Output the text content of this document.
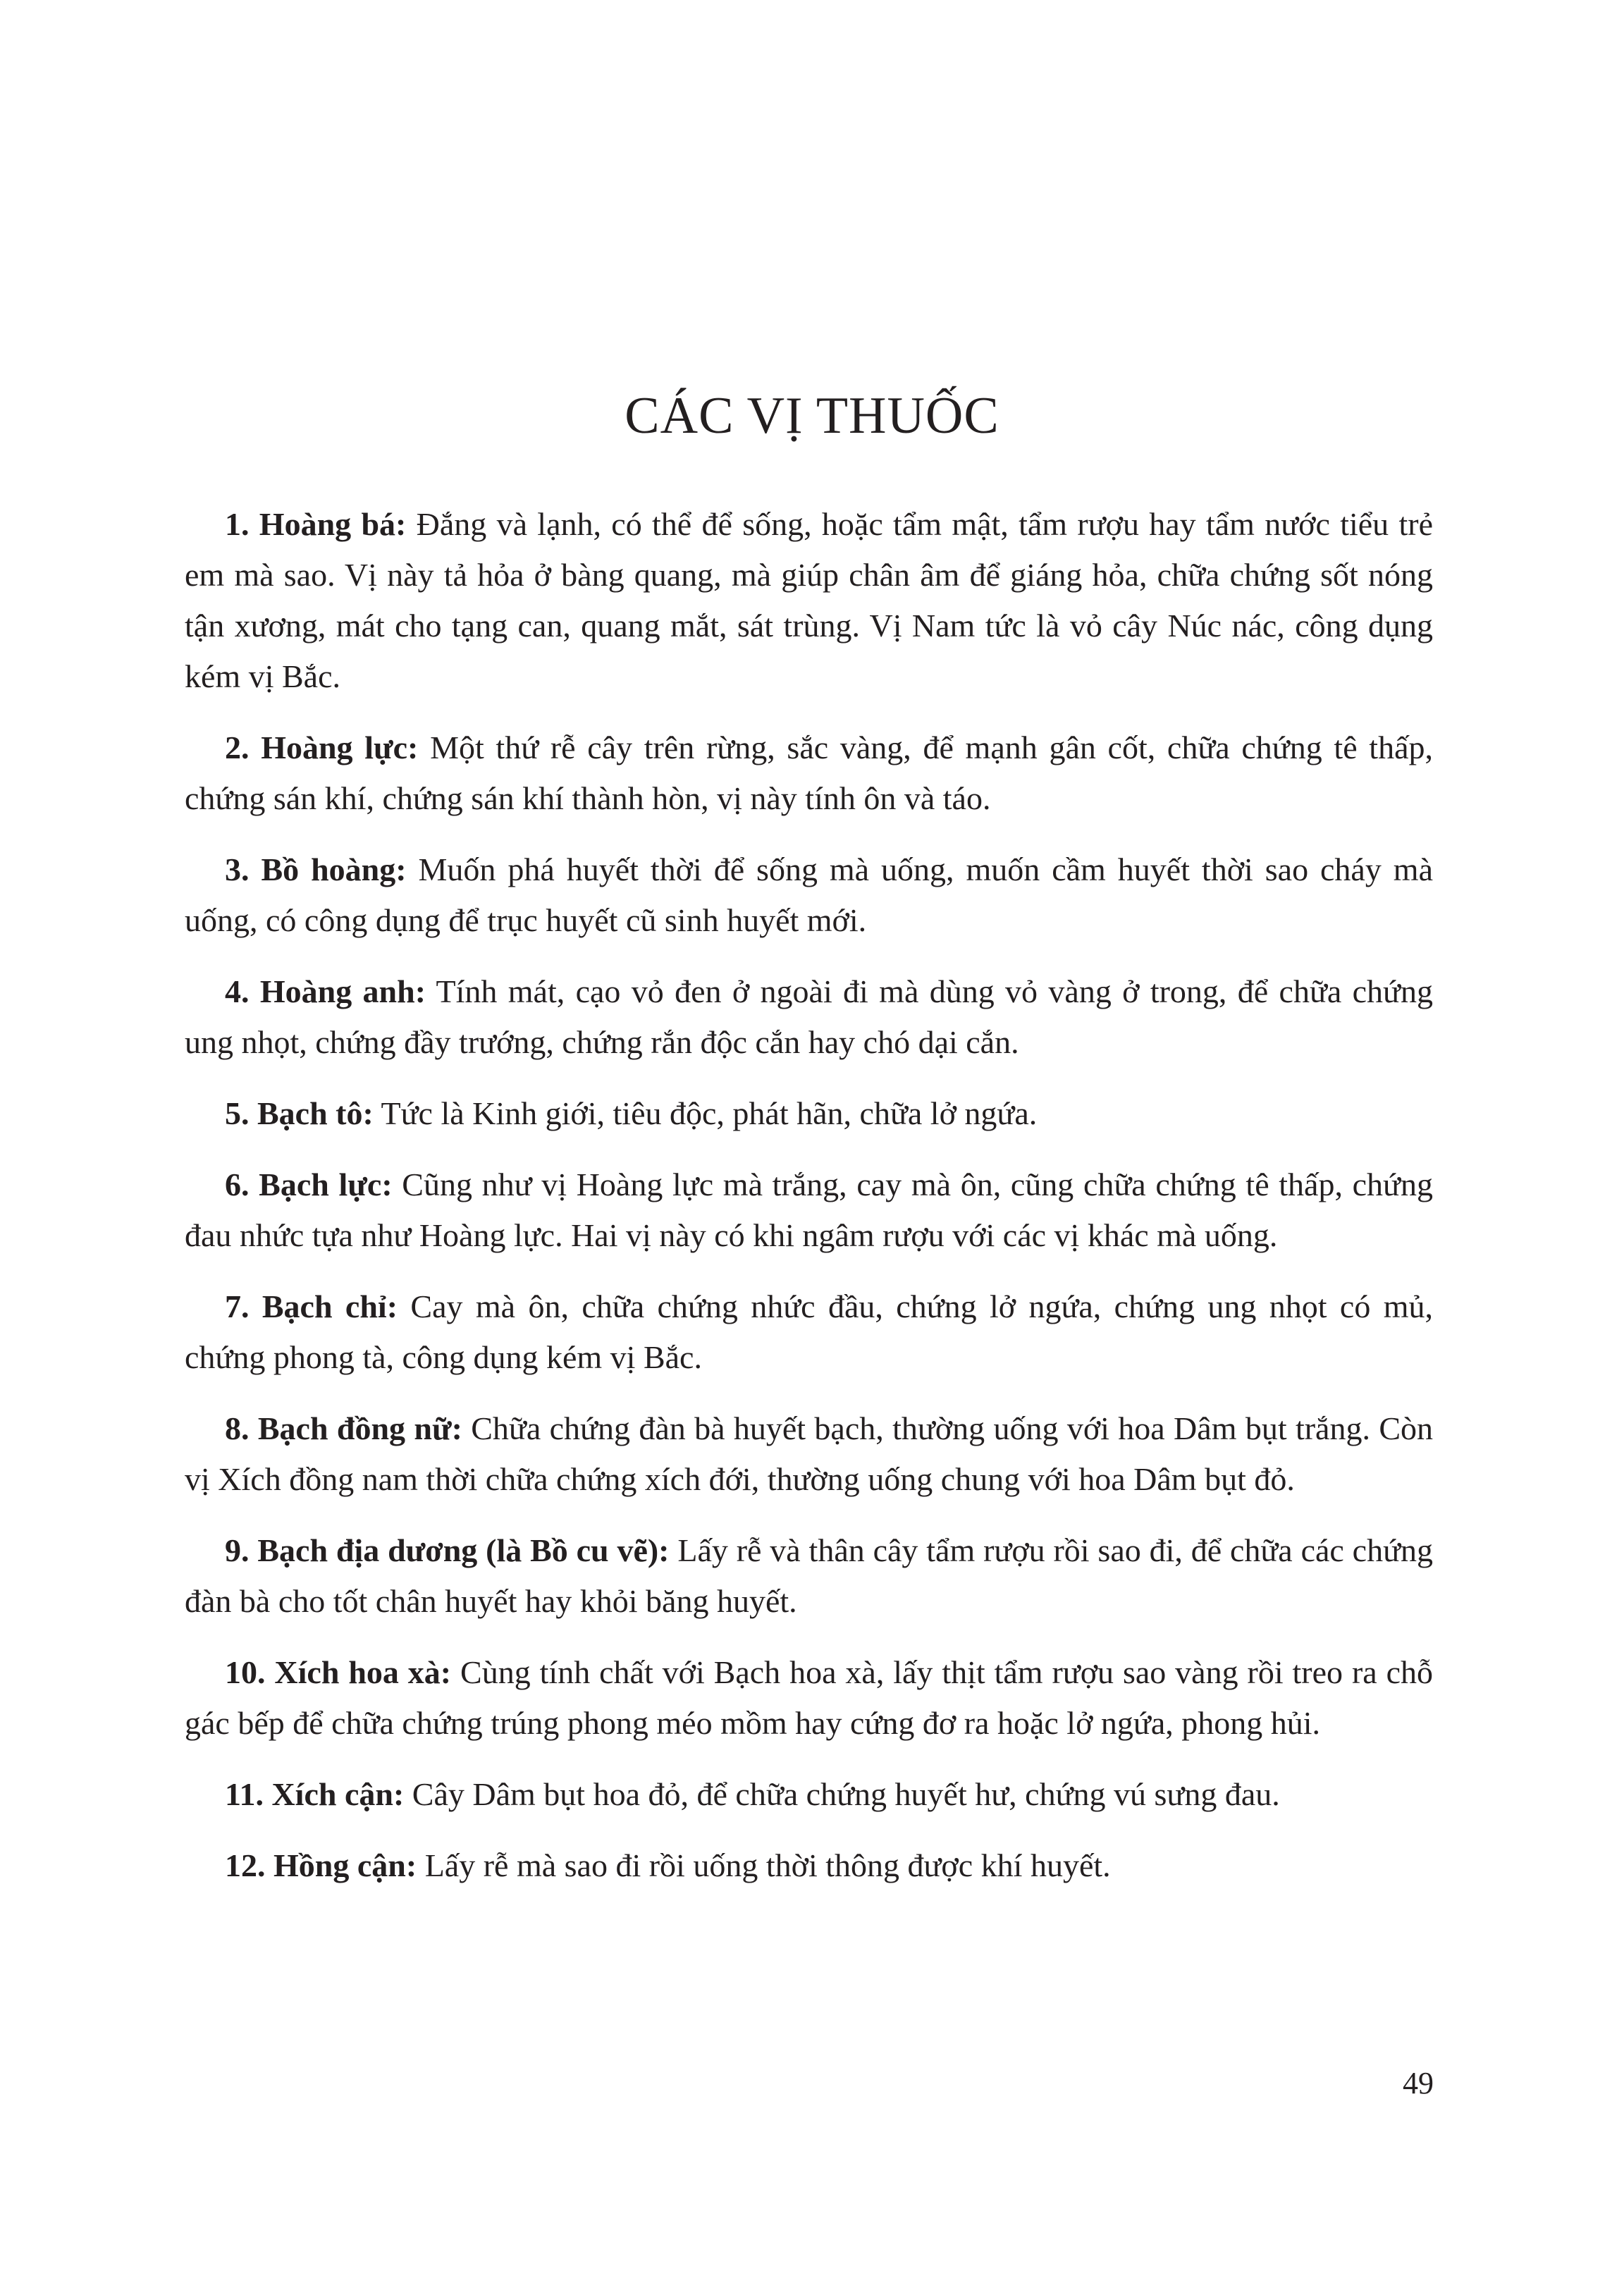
CÁC VỊ THUỐC

1. Hoàng bá: Đắng và lạnh, có thể để sống, hoặc tẩm mật, tẩm rượu hay tẩm nước tiểu trẻ em mà sao. Vị này tả hỏa ở bàng quang, mà giúp chân âm để giáng hỏa, chữa chứng sốt nóng tận xương, mát cho tạng can, quang mắt, sát trùng. Vị Nam tức là vỏ cây Núc nác, công dụng kém vị Bắc.

2. Hoàng lực: Một thứ rễ cây trên rừng, sắc vàng, để mạnh gân cốt, chữa chứng tê thấp, chứng sán khí, chứng sán khí thành hòn, vị này tính ôn và táo.

3. Bồ hoàng: Muốn phá huyết thời để sống mà uống, muốn cầm huyết thời sao cháy mà uống, có công dụng để trục huyết cũ sinh huyết mới.

4. Hoàng anh: Tính mát, cạo vỏ đen ở ngoài đi mà dùng vỏ vàng ở trong, để chữa chứng ung nhọt, chứng đầy trướng, chứng rắn độc cắn hay chó dại cắn.

5. Bạch tô: Tức là Kinh giới, tiêu độc, phát hãn, chữa lở ngứa.

6. Bạch lực: Cũng như vị Hoàng lực mà trắng, cay mà ôn, cũng chữa chứng tê thấp, chứng đau nhức tựa như Hoàng lực. Hai vị này có khi ngâm rượu với các vị khác mà uống.

7. Bạch chỉ: Cay mà ôn, chữa chứng nhức đầu, chứng lở ngứa, chứng ung nhọt có mủ, chứng phong tà, công dụng kém vị Bắc.

8. Bạch đồng nữ: Chữa chứng đàn bà huyết bạch, thường uống với hoa Dâm bụt trắng. Còn vị Xích đồng nam thời chữa chứng xích đới, thường uống chung với hoa Dâm bụt đỏ.

9. Bạch địa dương (là Bồ cu vẽ): Lấy rễ và thân cây tẩm rượu rồi sao đi, để chữa các chứng đàn bà cho tốt chân huyết hay khỏi băng huyết.

10. Xích hoa xà: Cùng tính chất với Bạch hoa xà, lấy thịt tẩm rượu sao vàng rồi treo ra chỗ gác bếp để chữa chứng trúng phong méo mồm hay cứng đơ ra hoặc lở ngứa, phong hủi.

11. Xích cận: Cây Dâm bụt hoa đỏ, để chữa chứng huyết hư, chứng vú sưng đau.

12. Hồng cận: Lấy rễ mà sao đi rồi uống thời thông được khí huyết.

49
